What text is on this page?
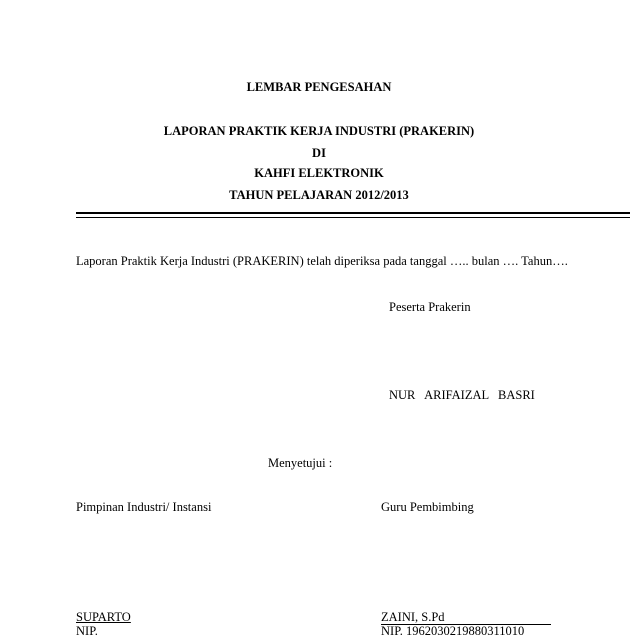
LEMBAR PENGESAHAN
LAPORAN PRAKTIK KERJA INDUSTRI (PRAKERIN)
DI
KAHFI ELEKTRONIK
TAHUN PELAJARAN 2012/2013
Laporan Praktik Kerja Industri (PRAKERIN) telah diperiksa pada tanggal ….. bulan …. Tahun….
Peserta Prakerin
NUR   ARIFAIZAL   BASRI
Menyetujui :
Pimpinan Industri/ Instansi	Guru Pembimbing
SUPARTO	ZAINI, S.Pd
NIP.	NIP. 1962030219880311010
